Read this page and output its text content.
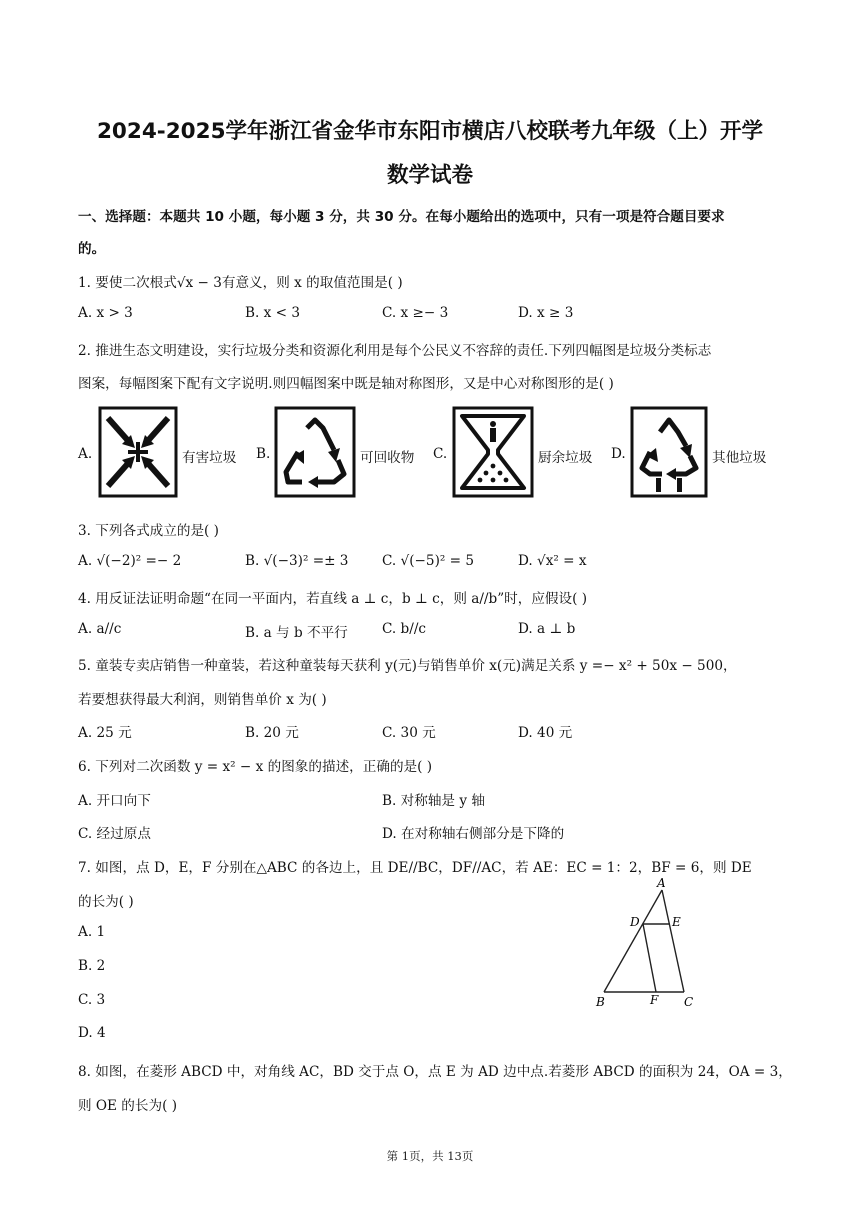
2024-2025学年浙江省金华市东阳市横店八校联考九年级（上）开学
数学试卷
一、选择题：本题共 10 小题，每小题 3 分，共 30 分。在每小题给出的选项中，只有一项是符合题目要求
的。
1. 要使二次根式√x − 3有意义，则 x 的取值范围是( )
A. x > 3	B. x < 3	C. x ≥− 3	D. x ≥ 3
2. 推进生态文明建设，实行垃圾分类和资源化利用是每个公民义不容辞的责任.下列四幅图是垃圾分类标志
图案，每幅图案下配有文字说明.则四幅图案中既是轴对称图形，又是中心对称图形的是( )
A.	有害垃圾 B.	可回收物 C.	厨余垃圾 D.	其他垃圾
3. 下列各式成立的是( )
A. √(−2)² =− 2	B. √(−3)² =± 3 C. √(−5)² = 5	D. √x² = x
4. 用反证法证明命题“在同一平面内，若直线 a ⊥ c，b ⊥ c，则 a//b”时，应假设( )
A. a//c	B. a 与 b 不平行	C. b//c	D. a ⊥ b
5. 童装专卖店销售一种童装，若这种童装每天获利 y(元)与销售单价 x(元)满足关系 y =− x² + 50x − 500，
若要想获得最大利润，则销售单价 x 为( )
A. 25 元	B. 20 元	C. 30 元	D. 40 元
6. 下列对二次函数 y = x² − x 的图象的描述，正确的是( )
A. 开口向下	B. 对称轴是 y 轴
C. 经过原点	D. 在对称轴右侧部分是下降的
7. 如图，点 D，E，F 分别在△ABC 的各边上，且 DE//BC，DF//AC，若 AE：EC = 1：2，BF = 6，则 DE
的长为( )
A. 1
B. 2
C. 3
D. 4
A
B	C
D	E
F
8. 如图，在菱形 ABCD 中，对角线 AC，BD 交于点 O，点 E 为 AD 边中点.若菱形 ABCD 的面积为 24，OA = 3，
则 OE 的长为( )
第 1页，共 13页
